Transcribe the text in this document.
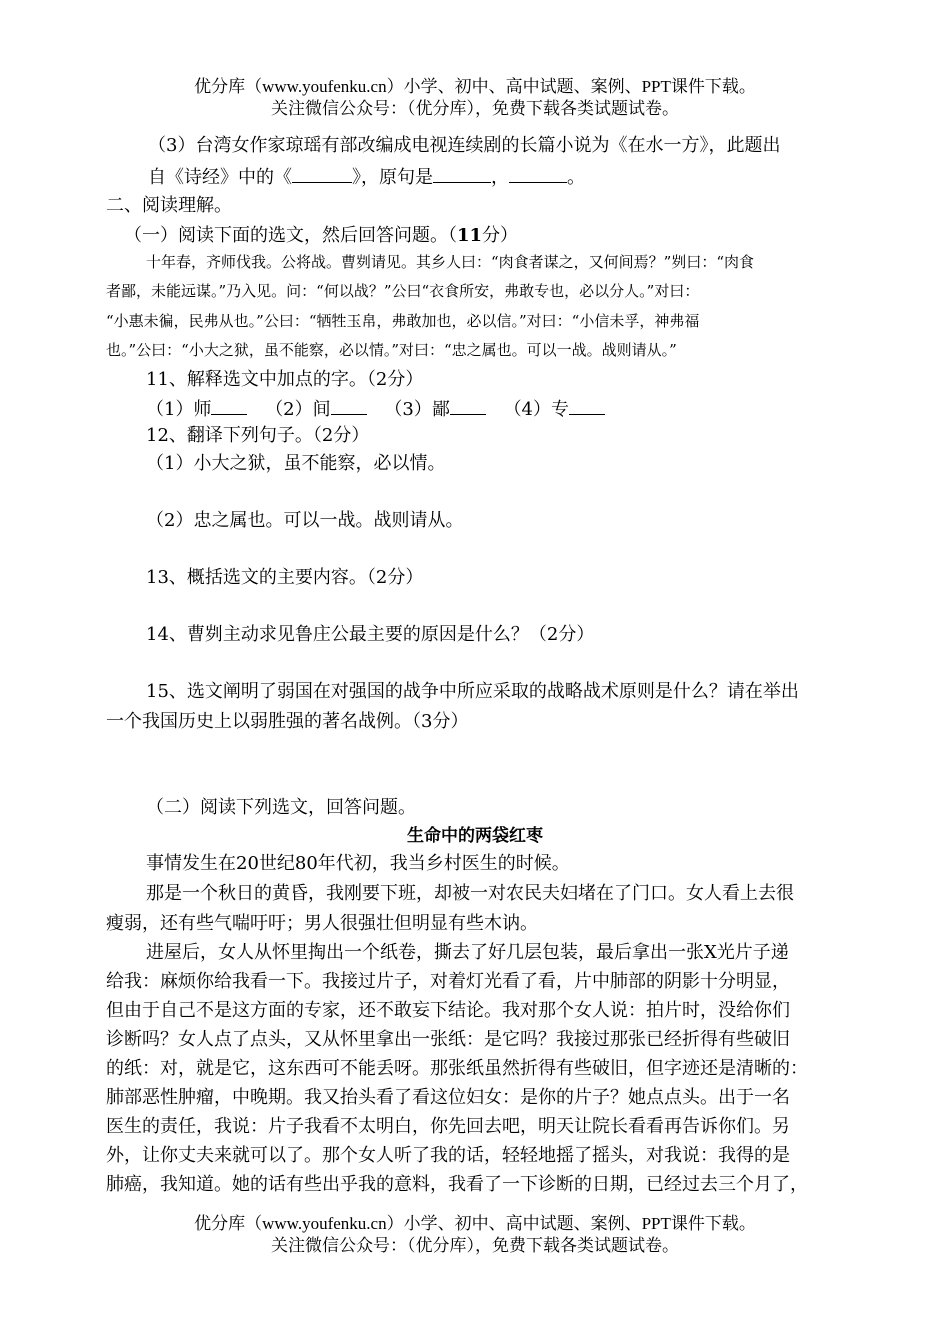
优分库（www.youfenku.cn）小学、初中、高中试题、案例、PPT课件下载。
关注微信公众号：（优分库），免费下载各类试题试卷。
（3）台湾女作家琼瑶有部改编成电视连续剧的长篇小说为《在水一方》，此题出
自《诗经》中的《	》，原句是	，	。
二、阅读理解。
（一）阅读下面的选文，然后回答问题。（11分）
十年春，齐师伐我。公将战。曹刿请见。其乡人曰：“肉食者谋之，又何间焉？”刿曰：“肉食
者鄙，未能远谋。”乃入见。问：“何以战？”公曰“衣食所安，弗敢专也，必以分人。”对曰：
“小惠未徧，民弗从也。”公曰：“牺牲玉帛，弗敢加也，必以信。”对曰：“小信未孚，神弗福
也。”公曰：“小大之狱，虽不能察，必以情。”对曰：“忠之属也。可以一战。战则请从。”
11、解释选文中加点的字。（2分）
（1）师	（2）间	（3）鄙	（4）专
12、翻译下列句子。（2分）
（1）小大之狱，虽不能察，必以情。
（2）忠之属也。可以一战。战则请从。
13、概括选文的主要内容。（2分）
14、曹刿主动求见鲁庄公最主要的原因是什么？（2分）
15、选文阐明了弱国在对强国的战争中所应采取的战略战术原则是什么？请在举出
一个我国历史上以弱胜强的著名战例。（3分）
（二）阅读下列选文，回答问题。
生命中的两袋红枣
事情发生在20世纪80年代初，我当乡村医生的时候。
那是一个秋日的黄昏，我刚要下班，却被一对农民夫妇堵在了门口。女人看上去很
瘦弱，还有些气喘吁吁；男人很强壮但明显有些木讷。
进屋后，女人从怀里掏出一个纸卷，撕去了好几层包装，最后拿出一张X光片子递
给我：麻烦你给我看一下。我接过片子，对着灯光看了看，片中肺部的阴影十分明显，
但由于自己不是这方面的专家，还不敢妄下结论。我对那个女人说：拍片时，没给你们
诊断吗？女人点了点头，又从怀里拿出一张纸：是它吗？我接过那张已经折得有些破旧
的纸：对，就是它，这东西可不能丢呀。那张纸虽然折得有些破旧，但字迹还是清晰的：
肺部恶性肿瘤，中晚期。我又抬头看了看这位妇女：是你的片子？她点点头。出于一名
医生的责任，我说：片子我看不太明白，你先回去吧，明天让院长看看再告诉你们。另
外，让你丈夫来就可以了。那个女人听了我的话，轻轻地摇了摇头，对我说：我得的是
肺癌，我知道。她的话有些出乎我的意料，我看了一下诊断的日期，已经过去三个月了，
优分库（www.youfenku.cn）小学、初中、高中试题、案例、PPT课件下载。
关注微信公众号：（优分库），免费下载各类试题试卷。
